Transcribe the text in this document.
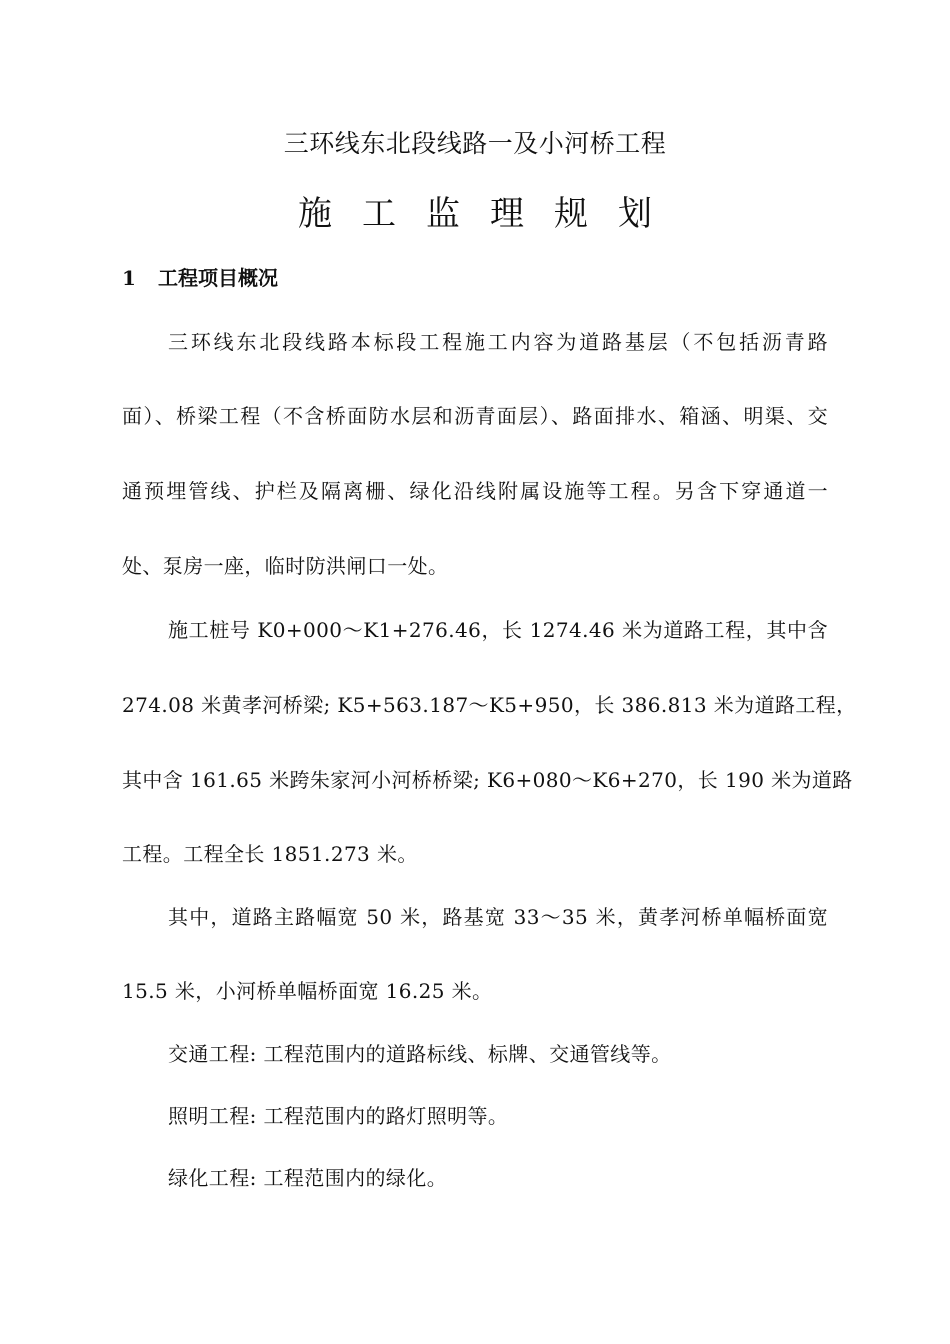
三环线东北段线路一及小河桥工程
施工监理规划
1 工程项目概况
三环线东北段线路本标段工程施工内容为道路基层（不包括沥青路
面）、桥梁工程（不含桥面防水层和沥青面层）、路面排水、箱涵、明渠、交
通预埋管线、护栏及隔离栅、绿化沿线附属设施等工程。另含下穿通道一
处、泵房一座，临时防洪闸口一处。
施工桩号 K0+000～K1+276.46，长 1274.46 米为道路工程，其中含
274.08 米黄孝河桥梁; K5+563.187～K5+950，长 386.813 米为道路工程，
其中含 161.65 米跨朱家河小河桥桥梁; K6+080～K6+270，长 190 米为道路
工程。工程全长 1851.273 米。
其中，道路主路幅宽 50 米，路基宽 33～35 米，黄孝河桥单幅桥面宽
15.5 米，小河桥单幅桥面宽 16.25 米。
交通工程: 工程范围内的道路标线、标牌、交通管线等。
照明工程: 工程范围内的路灯照明等。
绿化工程: 工程范围内的绿化。
